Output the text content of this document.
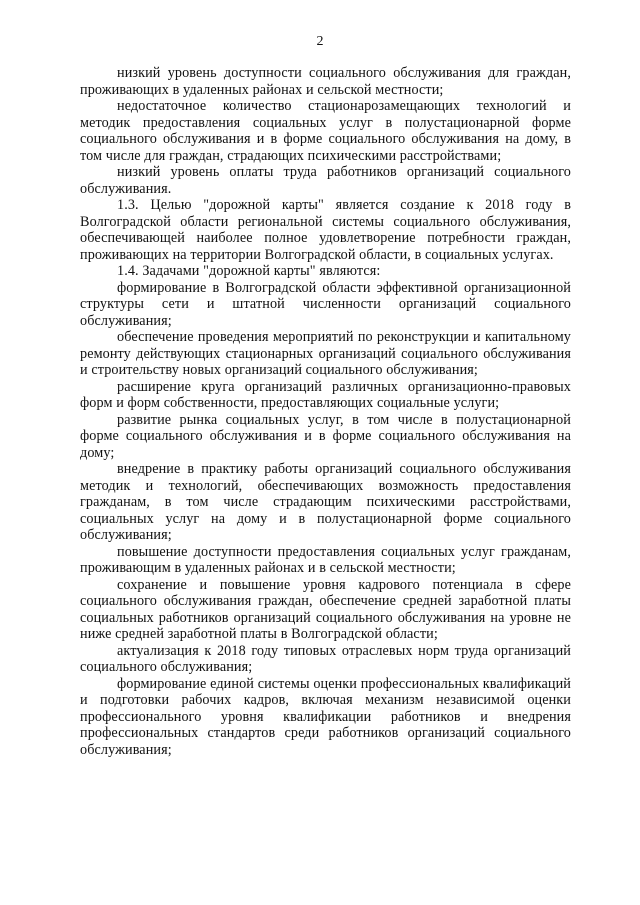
2

низкий уровень доступности социального обслуживания для граждан, проживающих в удаленных районах и сельской местности;

недостаточное количество стационарозамещающих технологий и методик предоставления социальных услуг в полустационарной форме социального обслуживания и в форме социального обслуживания на дому, в том числе для граждан, страдающих психическими расстройствами;

низкий уровень оплаты труда работников организаций социального обслуживания.

1.3. Целью "дорожной карты" является создание к 2018 году в Волгоградской области региональной системы социального обслуживания, обеспечивающей наиболее полное удовлетворение потребности граждан, проживающих на территории Волгоградской области, в социальных услугах.

1.4. Задачами "дорожной карты" являются:

формирование в Волгоградской области эффективной организационной структуры сети и штатной численности организаций социального обслуживания;

обеспечение проведения мероприятий по реконструкции и капитальному ремонту действующих стационарных организаций социального обслуживания и строительству новых организаций социального обслуживания;

расширение круга организаций различных организационно-правовых форм и форм собственности, предоставляющих социальные услуги;

развитие рынка социальных услуг, в том числе в полустационарной форме социального обслуживания и в форме социального обслуживания на дому;

внедрение в практику работы организаций социального обслуживания методик и технологий, обеспечивающих возможность предоставления гражданам, в том числе страдающим психическими расстройствами, социальных услуг на дому и в полустационарной форме социального обслуживания;

повышение доступности предоставления социальных услуг гражданам, проживающим в удаленных районах и в сельской местности;

сохранение и повышение уровня кадрового потенциала в сфере социального обслуживания граждан, обеспечение средней заработной платы социальных работников организаций социального обслуживания на уровне не ниже средней заработной платы в Волгоградской области;

актуализация к 2018 году типовых отраслевых норм труда организаций социального обслуживания;

формирование единой системы оценки профессиональных квалификаций и подготовки рабочих кадров, включая механизм независимой оценки профессионального уровня квалификации работников и внедрения профессиональных стандартов среди работников организаций социального обслуживания;
